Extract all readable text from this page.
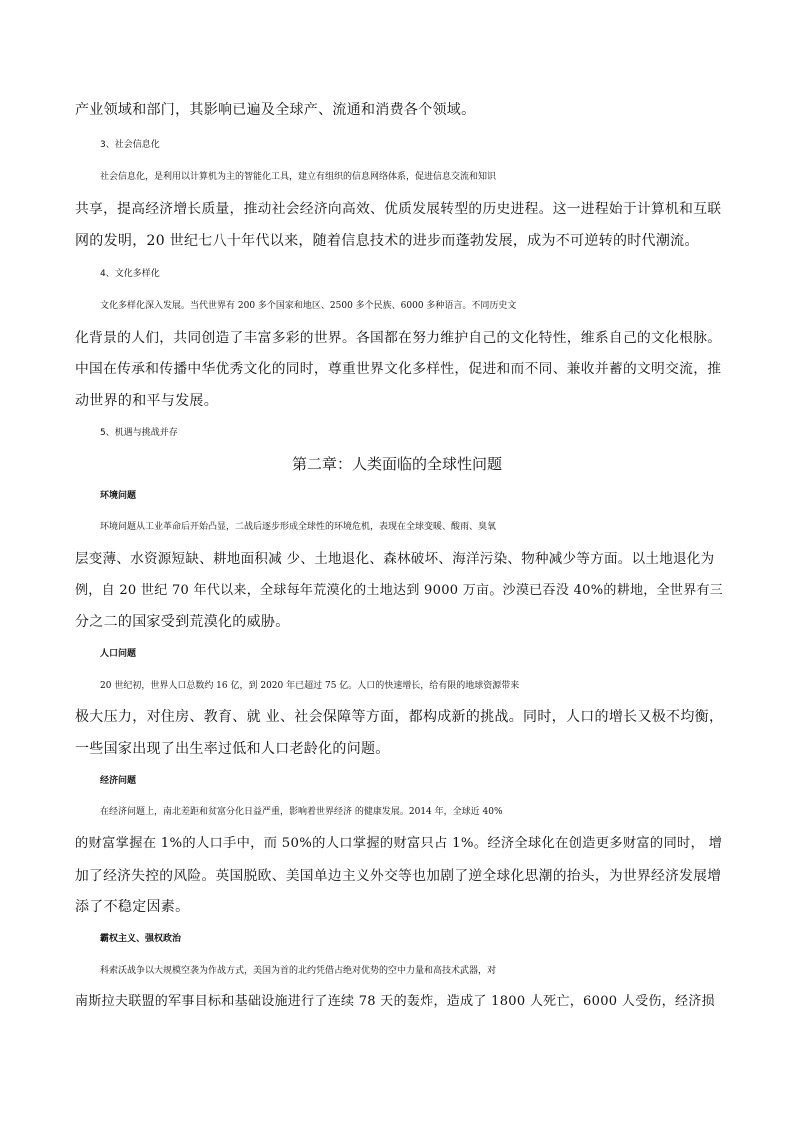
产业领域和部门，其影响已遍及全球产、流通和消费各个领域。
3、社会信息化
社会信息化，是利用以计算机为主的智能化工具，建立有组织的信息网络体系，促进信息交流和知识
共享，提高经济增长质量，推动社会经济向高效、优质发展转型的历史进程。这一进程始于计算机和互联
网的发明，20 世纪七八十年代以来，随着信息技术的进步而蓬勃发展，成为不可逆转的时代潮流。
4、文化多样化
文化多样化深入发展。当代世界有 200 多个国家和地区、2500 多个民族、6000 多种语言。不同历史文
化背景的人们，共同创造了丰富多彩的世界。各国都在努力维护自己的文化特性，维系自己的文化根脉。
中国在传承和传播中华优秀文化的同时，尊重世界文化多样性，促进和而不同、兼收并蓄的文明交流，推
动世界的和平与发展。
5、机遇与挑战并存
第二章：人类面临的全球性问题
环境问题
环境问题从工业革命后开始凸显，二战后逐步形成全球性的环境危机，表现在全球变暖、酸雨、臭氧
层变薄、水资源短缺、耕地面积减 少、土地退化、森林破坏、海洋污染、物种减少等方面。以土地退化为
例，自 20 世纪 70 年代以来，全球每年荒漠化的土地达到 9000 万亩。沙漠已吞没 40%的耕地，全世界有三
分之二的国家受到荒漠化的威胁。
人口问题
20 世纪初，世界人口总数约 16 亿，到 2020 年已超过 75 亿。人口的快速增长，给有限的地球资源带来
极大压力，对住房、教育、就 业、社会保障等方面，都构成新的挑战。同时，人口的增长又极不均衡，
一些国家出现了出生率过低和人口老龄化的问题。
经济问题
在经济问题上，南北差距和贫富分化日益严重，影响着世界经济 的健康发展。2014 年，全球近 40%
的财富掌握在 1%的人口手中，而 50%的人口掌握的财富只占 1%。经济全球化在创造更多财富的同时， 增
加了经济失控的风险。英国脱欧、美国单边主义外交等也加剧了逆全球化思潮的抬头，为世界经济发展增
添了不稳定因素。
霸权主义、强权政治
科索沃战争以大规模空袭为作战方式，美国为首的北约凭借占绝对优势的空中力量和高技术武器，对
南斯拉夫联盟的军事目标和基础设施进行了连续 78 天的轰炸，造成了 1800 人死亡，6000 人受伤，经济损
